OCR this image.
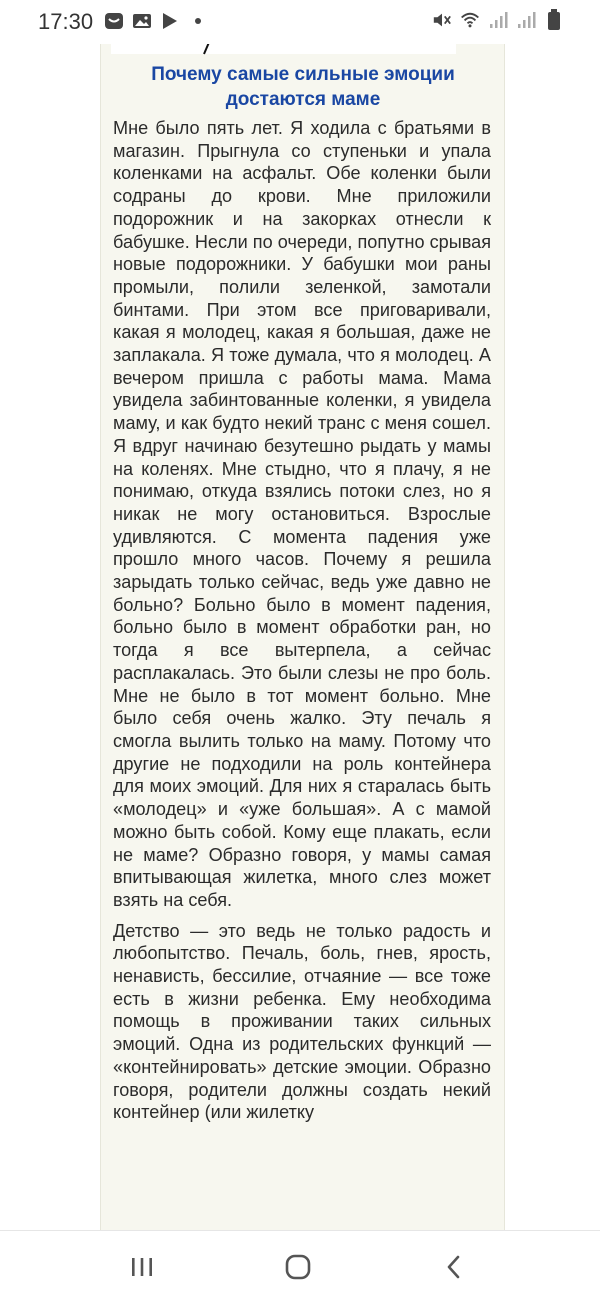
17:30
Почему самые сильные эмоции достаются маме

Мне было пять лет. Я ходила с братьями в магазин. Прыгнула со ступеньки и упала коленками на асфальт. Обе коленки были содраны до крови. Мне приложили подорожник и на закорках отнесли к бабушке. Несли по очереди, попутно срывая новые подорожники. У бабушки мои раны промыли, полили зеленкой, замотали бинтами. При этом все приговаривали, какая я молодец, какая я большая, даже не заплакала. Я тоже думала, что я молодец. А вечером пришла с работы мама. Мама увидела забинтованные коленки, я увидела маму, и как будто некий транс с меня сошел. Я вдруг начинаю безутешно рыдать у мамы на коленях. Мне стыдно, что я плачу, я не понимаю, откуда взялись потоки слез, но я никак не могу остановиться. Взрослые удивляются. С момента падения уже прошло много часов. Почему я решила зарыдать только сейчас, ведь уже давно не больно? Больно было в момент падения, больно было в момент обработки ран, но тогда я все вытерпела, а сейчас расплакалась. Это были слезы не про боль. Мне не было в тот момент больно. Мне было себя очень жалко. Эту печаль я смогла вылить только на маму. Потому что другие не подходили на роль контейнера для моих эмоций. Для них я старалась быть «молодец» и «уже большая». А с мамой можно быть собой. Кому еще плакать, если не маме? Образно говоря, у мамы самая впитывающая жилетка, много слез может взять на себя.

Детство — это ведь не только радость и любопытство. Печаль, боль, гнев, ярость, ненависть, бессилие, отчаяние — все тоже есть в жизни ребенка. Ему необходима помощь в проживании таких сильных эмоций. Одна из родительских функций — «контейнировать» детские эмоции. Образно говоря, родители должны создать некий контейнер (или жилетку
